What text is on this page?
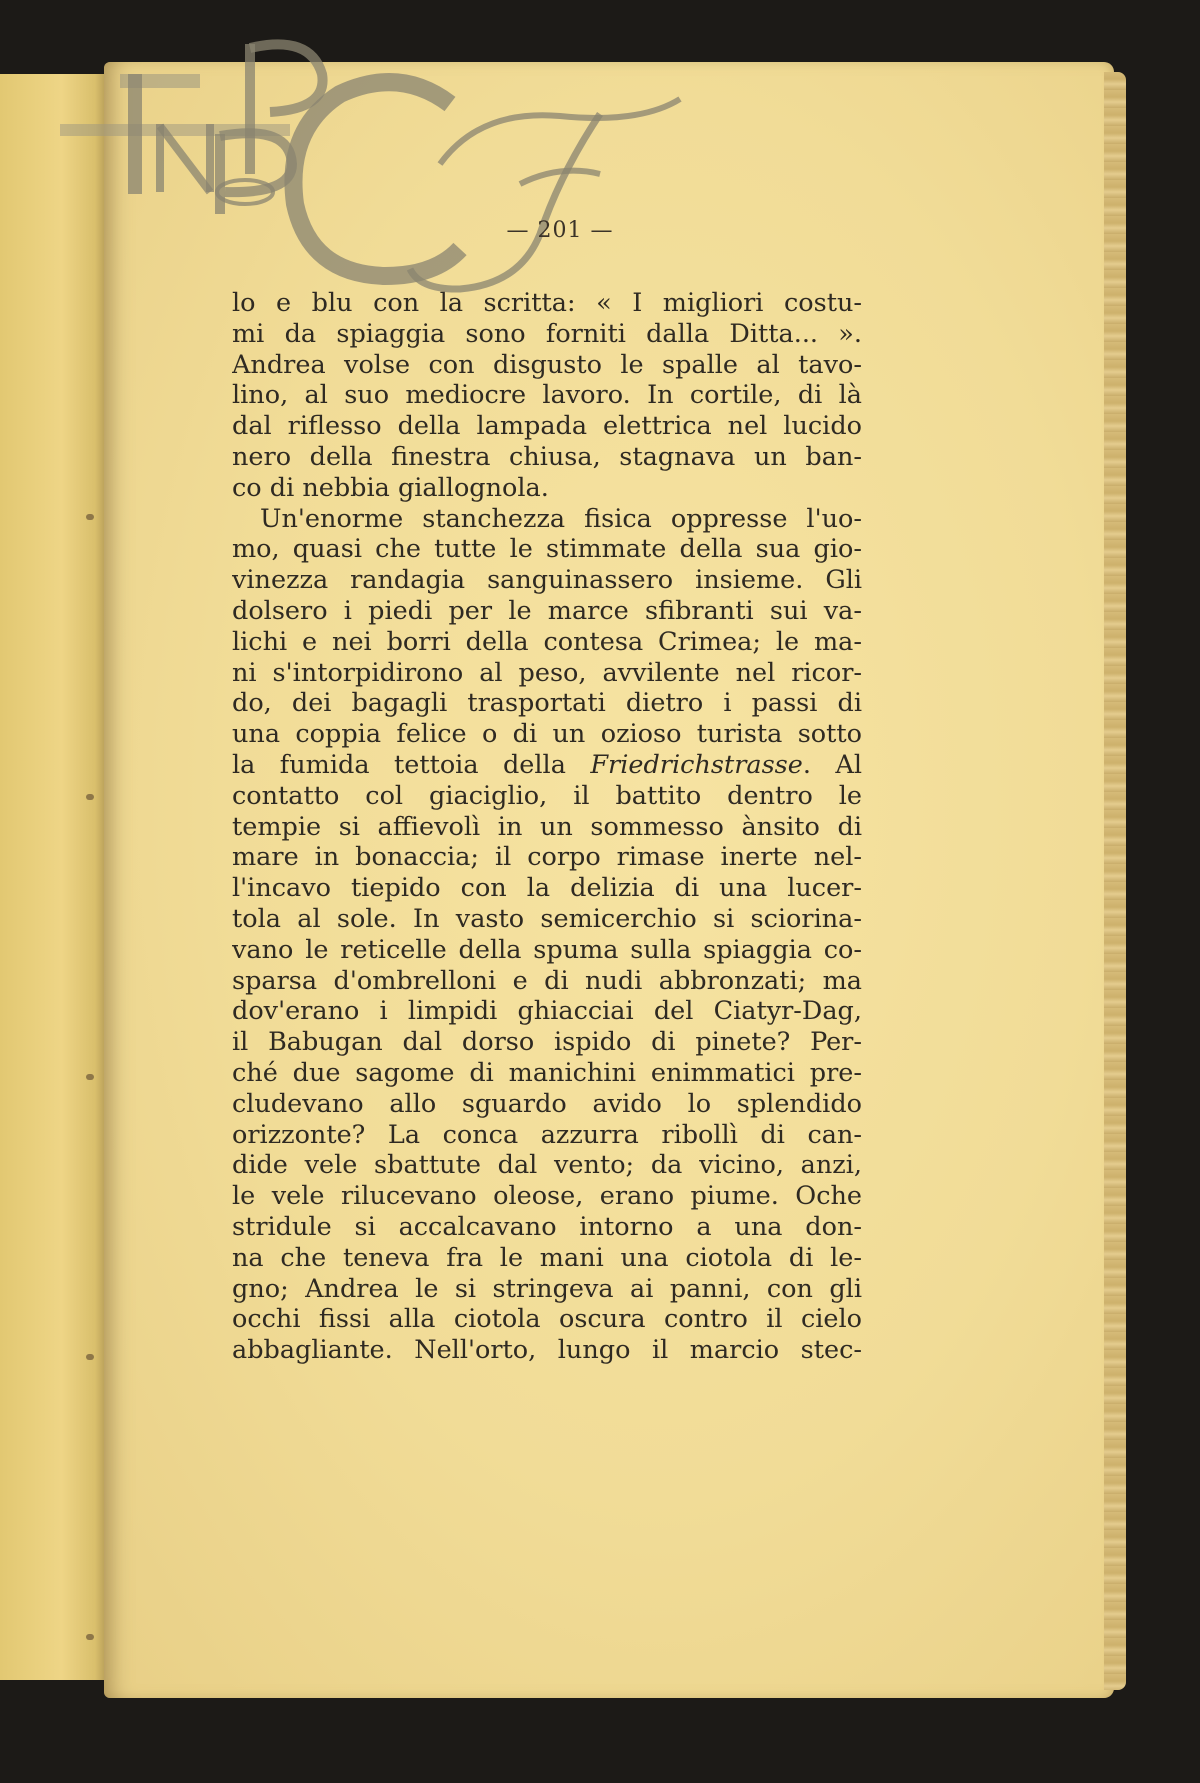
— 201 —
lo e blu con la scritta: « I migliori costu-
mi da spiaggia sono forniti dalla Ditta... ».
Andrea volse con disgusto le spalle al tavo-
lino, al suo mediocre lavoro. In cortile, di là
dal riflesso della lampada elettrica nel lucido
nero della finestra chiusa, stagnava un ban-
co di nebbia giallognola.
Un'enorme stanchezza fisica oppresse l'uo-
mo, quasi che tutte le stimmate della sua gio-
vinezza randagia sanguinassero insieme. Gli
dolsero i piedi per le marce sfibranti sui va-
lichi e nei borri della contesa Crimea; le ma-
ni s'intorpidirono al peso, avvilente nel ricor-
do, dei bagagli trasportati dietro i passi di
una coppia felice o di un ozioso turista sotto
la fumida tettoia della Friedrichstrasse. Al
contatto col giaciglio, il battito dentro le
tempie si affievolì in un sommesso ànsito di
mare in bonaccia; il corpo rimase inerte nel-
l'incavo tiepido con la delizia di una lucer-
tola al sole. In vasto semicerchio si sciorina-
vano le reticelle della spuma sulla spiaggia co-
sparsa d'ombrelloni e di nudi abbronzati; ma
dov'erano i limpidi ghiacciai del Ciatyr-Dag,
il Babugan dal dorso ispido di pinete? Per-
ché due sagome di manichini enimmatici pre-
cludevano allo sguardo avido lo splendido
orizzonte? La conca azzurra ribollì di can-
dide vele sbattute dal vento; da vicino, anzi,
le vele rilucevano oleose, erano piume. Oche
stridule si accalcavano intorno a una don-
na che teneva fra le mani una ciotola di le-
gno; Andrea le si stringeva ai panni, con gli
occhi fissi alla ciotola oscura contro il cielo
abbagliante. Nell'orto, lungo il marcio stec-
